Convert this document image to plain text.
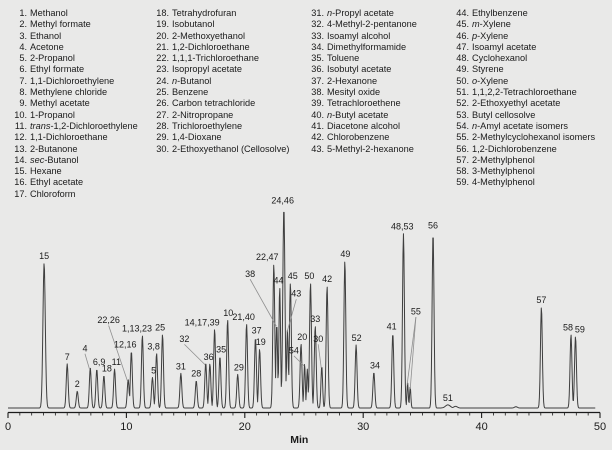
1. Methanol
2. Methyl formate
3. Ethanol
4. Acetone
5. 2-Propanol
6. Ethyl formate
7. 1,1-Dichloroethylene
8. Methylene chloride
9. Methyl acetate
10. 1-Propanol
11. trans-1,2-Dichloroethylene
12. 1,1-Dichloroethane
13. 2-Butanone
14. sec-Butanol
15. Hexane
16. Ethyl acetate
17. Chloroform
18. Tetrahydrofuran
19. Isobutanol
20. 2-Methoxyethanol
21. 1,2-Dichloroethane
22. 1,1,1-Trichloroethane
23. Isopropyl acetate
24. n-Butanol
25. Benzene
26. Carbon tetrachloride
27. 2-Nitropropane
28. Trichloroethylene
29. 1,4-Dioxane
30. 2-Ethoxyethanol (Cellosolve)
31. n-Propyl acetate
32. 4-Methyl-2-pentanone
33. Isoamyl alcohol
34. Dimethylformamide
35. Toluene
36. Isobutyl acetate
37. 2-Hexanone
38. Mesityl oxide
39. Tetrachloroethene
40. n-Butyl acetate
41. Diacetone alcohol
42. Chlorobenzene
43. 5-Methyl-2-hexanone
44. Ethylbenzene
45. m-Xylene
46. p-Xylene
47. Isoamyl acetate
48. Cyclohexanol
49. Styrene
50. o-Xylene
51. 1,1,2,2-Tetrachloroethane
52. 2-Ethoxyethyl acetate
53. Butyl cellosolve
54. n-Amyl acetate isomers
55. 2-Methylcyclohexanol isomers
56. 1,2-Dichlorobenzene
57. 2-Methylphenol
58. 3-Methylphenol
59. 4-Methylphenol
0	10	20	30	40	50
Min
15
7
2
4
6,9
18
11
22,26
12,16
1,13,23
5
3,8
25
31
28
32
36
14,17,39
35
10
29
21,40
37
19
22,47
38
44
24,46
43
45
20
54
50
33
30
42
49
52
34
41
48,53
55
56
51
57
58 59
